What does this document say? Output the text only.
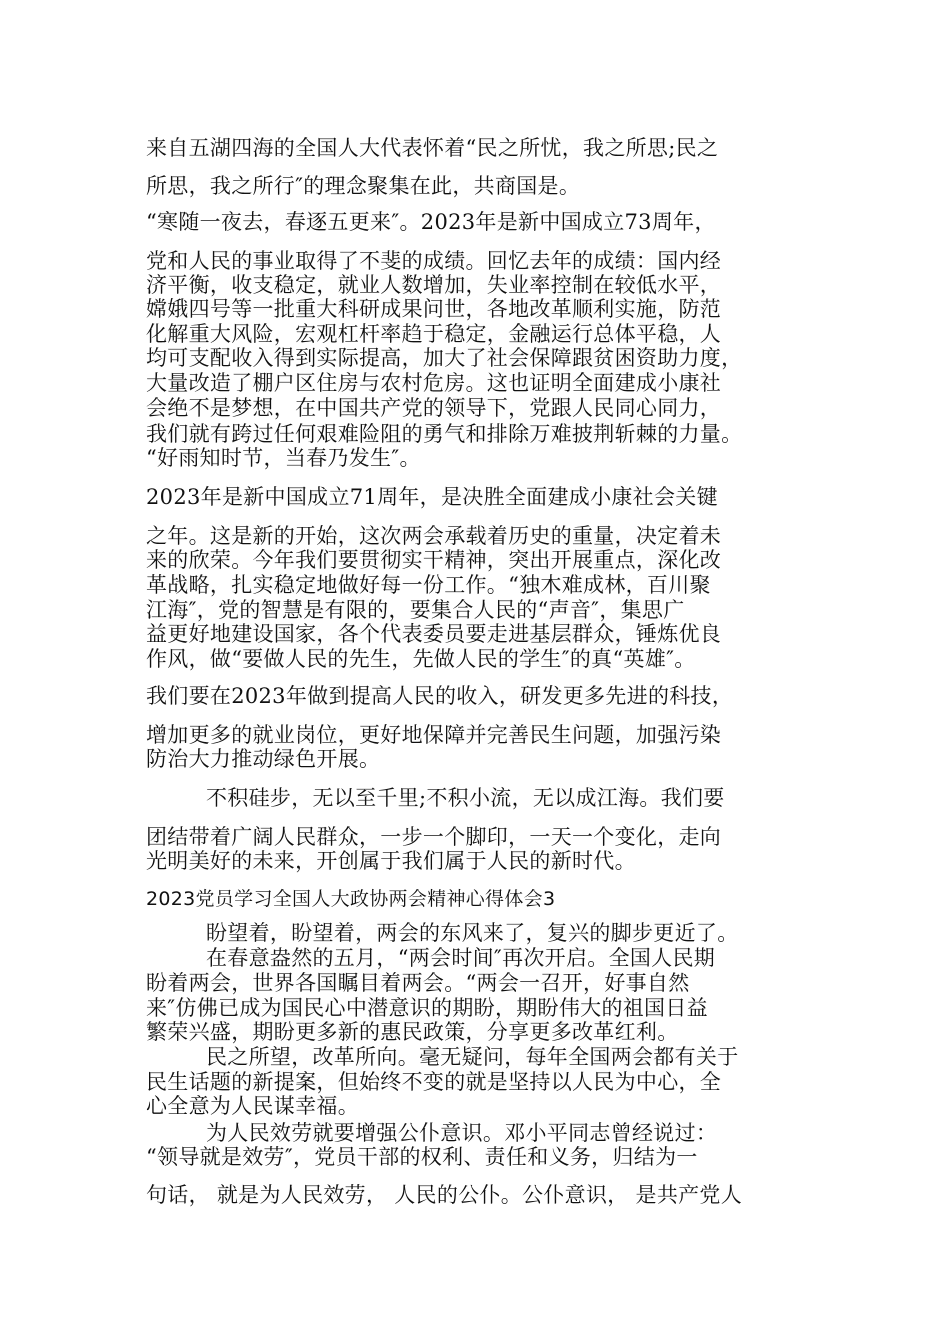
来自五湖四海的全国人大代表怀着“民之所忧，我之所思;民之

所思，我之所行″的理念聚集在此，共商国是。

“寒随一夜去，春逐五更来″。2023年是新中国成立73周年，

党和人民的事业取得了不斐的成绩。回忆去年的成绩：国内经

济平衡，收支稳定，就业人数增加，失业率控制在较低水平，

嫦娥四号等一批重大科研成果问世，各地改革顺利实施，防范

化解重大风险，宏观杠杆率趋于稳定，金融运行总体平稳，人

均可支配收入得到实际提高，加大了社会保障跟贫困资助力度，

大量改造了棚户区住房与农村危房。这也证明全面建成小康社

会绝不是梦想，在中国共产党的领导下，党跟人民同心同力，

我们就有跨过任何艰难险阻的勇气和排除万难披荆斩棘的力量。

“好雨知时节，当春乃发生″。

2023年是新中国成立71周年，是决胜全面建成小康社会关键

之年。这是新的开始，这次两会承载着历史的重量，决定着未

来的欣荣。今年我们要贯彻实干精神，突出开展重点，深化改

革战略，扎实稳定地做好每一份工作。“独木难成林，百川聚

江海″，党的智慧是有限的，要集合人民的“声音″，集思广

益更好地建设国家，各个代表委员要走进基层群众，锤炼优良

作风，做“要做人民的先生，先做人民的学生″的真“英雄″。

我们要在2023年做到提高人民的收入，研发更多先进的科技，

增加更多的就业岗位，更好地保障并完善民生问题，加强污染

防治大力推动绿色开展。

不积硅步，无以至千里;不积小流，无以成江海。我们要

团结带着广阔人民群众，一步一个脚印，一天一个变化，走向

光明美好的未来，开创属于我们属于人民的新时代。

2023党员学习全国人大政协两会精神心得体会3

盼望着，盼望着，两会的东风来了，复兴的脚步更近了。

在春意盎然的五月，“两会时间″再次开启。全国人民期

盼着两会，世界各国瞩目着两会。“两会一召开，好事自然

来″仿佛已成为国民心中潜意识的期盼，期盼伟大的祖国日益

繁荣兴盛，期盼更多新的惠民政策，分享更多改革红利。

民之所望，改革所向。毫无疑问，每年全国两会都有关于

民生话题的新提案，但始终不变的就是坚持以人民为中心，全

心全意为人民谋幸福。

为人民效劳就要增强公仆意识。邓小平同志曾经说过：

“领导就是效劳″，党员干部的权利、责任和义务，归结为一

句话， 就是为人民效劳， 人民的公仆。公仆意识， 是共产党人
